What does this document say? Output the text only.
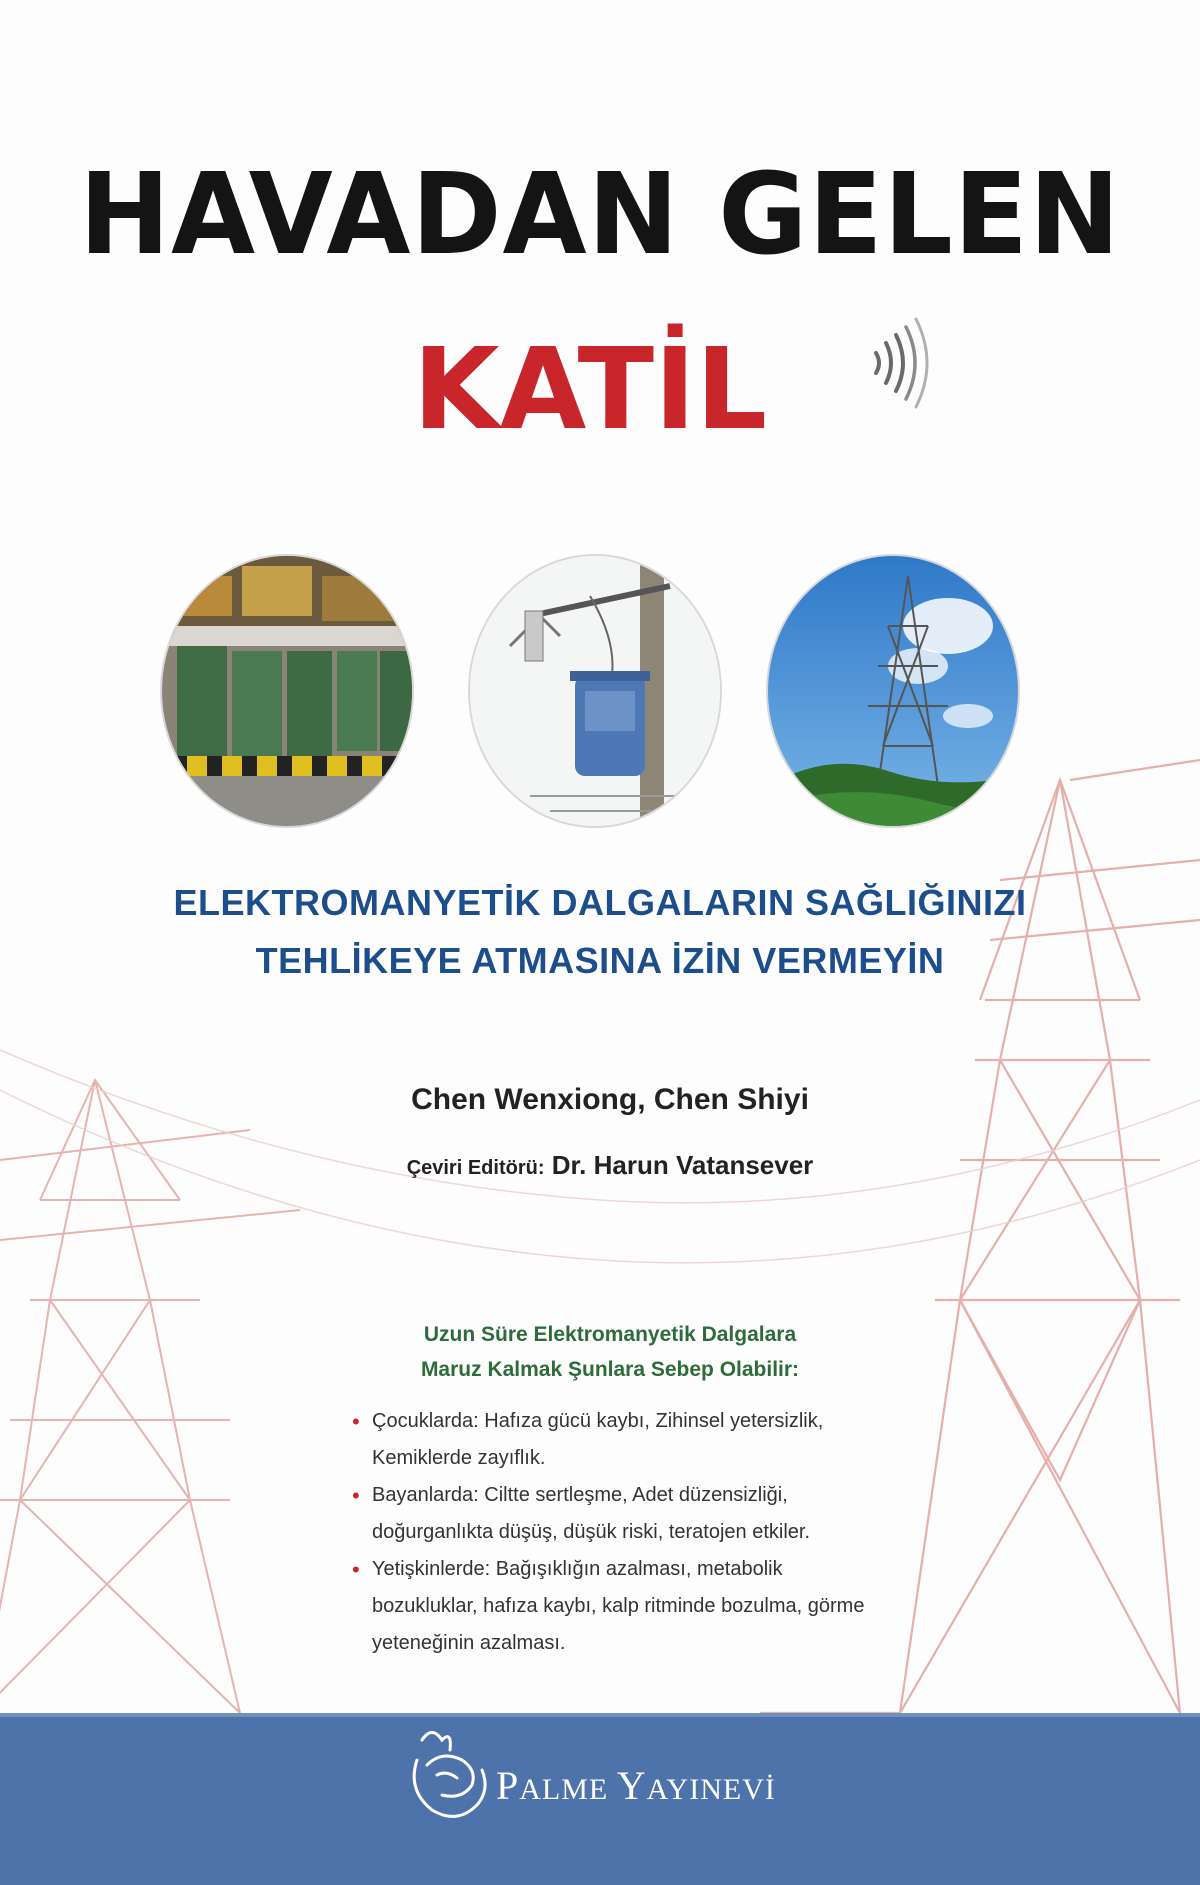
HAVADAN GELEN
KATİL
ELEKTROMANYETİK DALGALARIN SAĞLIĞINIZI
TEHLİKEYE ATMASINA İZİN VERMEYİN
Chen Wenxiong, Chen Shiyi
Çeviri Editörü: Dr. Harun Vatansever
Uzun Süre Elektromanyetik Dalgalara
Maruz Kalmak Şunlara Sebep Olabilir:
• Çocuklarda: Hafıza gücü kaybı, Zihinsel yetersizlik, Kemiklerde zayıflık.
• Bayanlarda: Ciltte sertleşme, Adet düzensizliği, doğurganlıkta düşüş, düşük riski, teratojen etkiler.
• Yetişkinlerde: Bağışıklığın azalması, metabolik bozukluklar, hafıza kaybı, kalp ritminde bozulma, görme yeteneğinin azalması.
PALME YAYINEVİ
